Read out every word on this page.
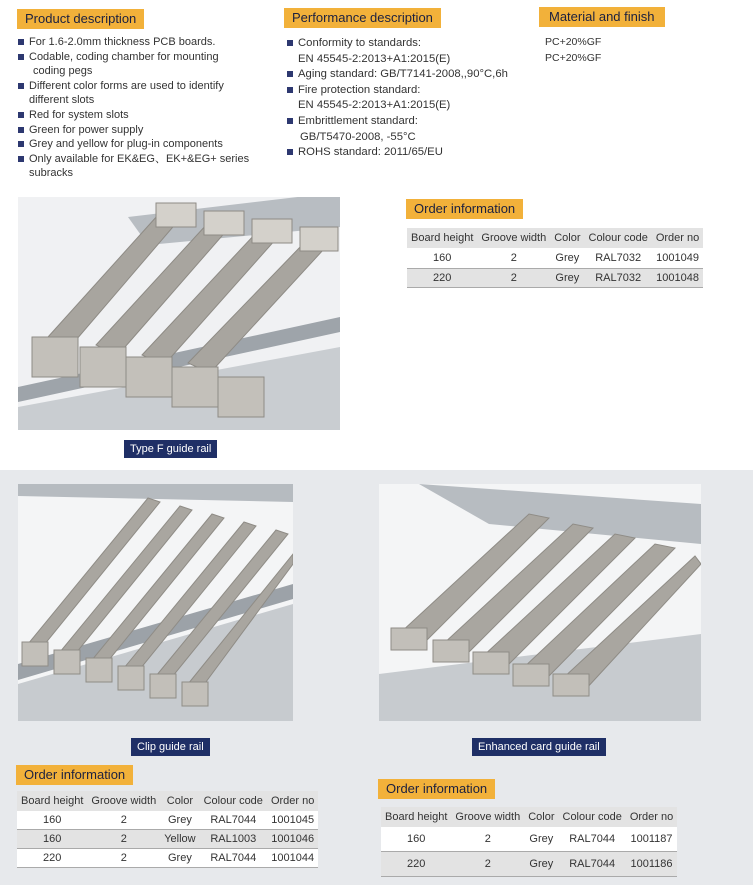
Product description
For 1.6-2.0mm thickness PCB boards.
Codable, coding chamber for mounting
coding pegs
Different color forms are used to identify
different slots
Red for system slots
Green for power supply
Grey and yellow for plug-in components
Only available for EK&EG、EK+&EG+ series
subracks
Performance description
Conformity to standards:
EN 45545-2:2013+A1:2015(E)
Aging standard: GB/T7141-2008,,90°C,6h
Fire protection standard:
EN 45545-2:2013+A1:2015(E)
Embrittlement standard:
GB/T5470-2008, -55°C
ROHS standard: 2011/65/EU
Material and finish
PC+20%GF
PC+20%GF
Type F guide rail
Order information
Board height	Groove width	Color	Colour code	Order no
160	2	Grey	RAL7032	1001049
220	2	Grey	RAL7032	1001048
Clip guide rail	Enhanced card guide rail
Order information
Board height	Groove width	Color	Colour code	Order no
160	2	Grey	RAL7044	1001045
160	2	Yellow	RAL1003	1001046
220	2	Grey	RAL7044	1001044
Order information
Board height	Groove width	Color	Colour code	Order no
160	2	Grey	RAL7044	1001187
220	2	Grey	RAL7044	1001186
